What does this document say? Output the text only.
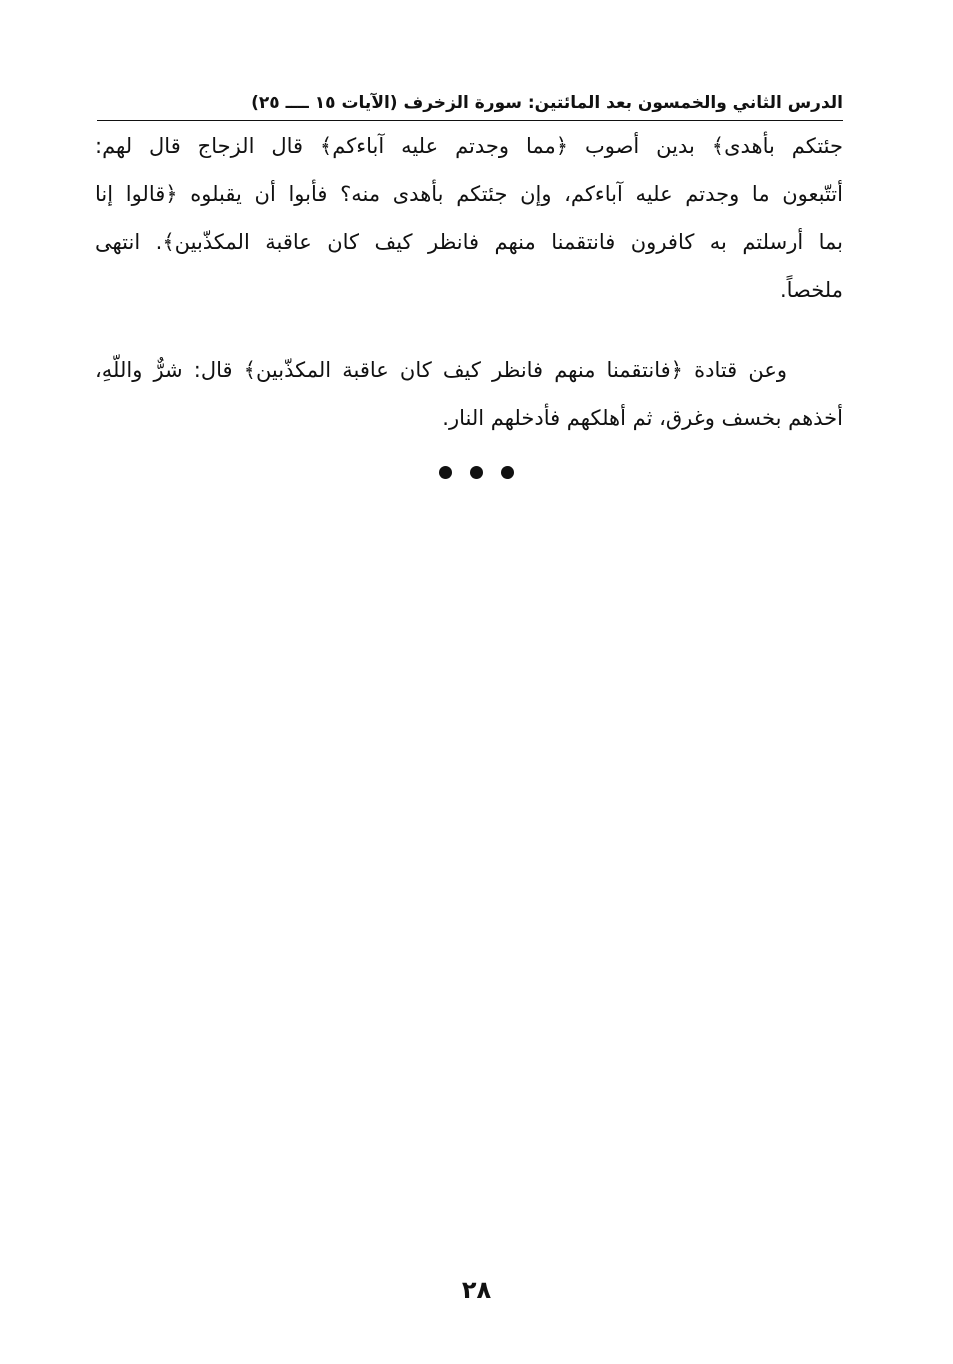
الدرس الثاني والخمسون بعد المائتين: سورة الزخرف (الآيات ١٥ ــــ ٢٥)

جئتكم بأهدى﴾ بدين أصوب ﴿مما وجدتم عليه آباءكم﴾ قال الزجاج قال لهم:
أتتّبعون ما وجدتم عليه آباءكم، وإن جئتكم بأهدى منه؟ فأبوا أن يقبلوه ﴿قالوا إنا
بما أرسلتم به كافرون فانتقمنا منهم فانظر كيف كان عاقبة المكذّبين﴾. انتهى
ملخصاً.

وعن قتادة ﴿فانتقمنا منهم فانظر كيف كان عاقبة المكذّبين﴾ قال: شرٌّ واللّهِ،
أخذهم بخسف وغرق، ثم أهلكهم فأدخلهم النار.

٢٨
